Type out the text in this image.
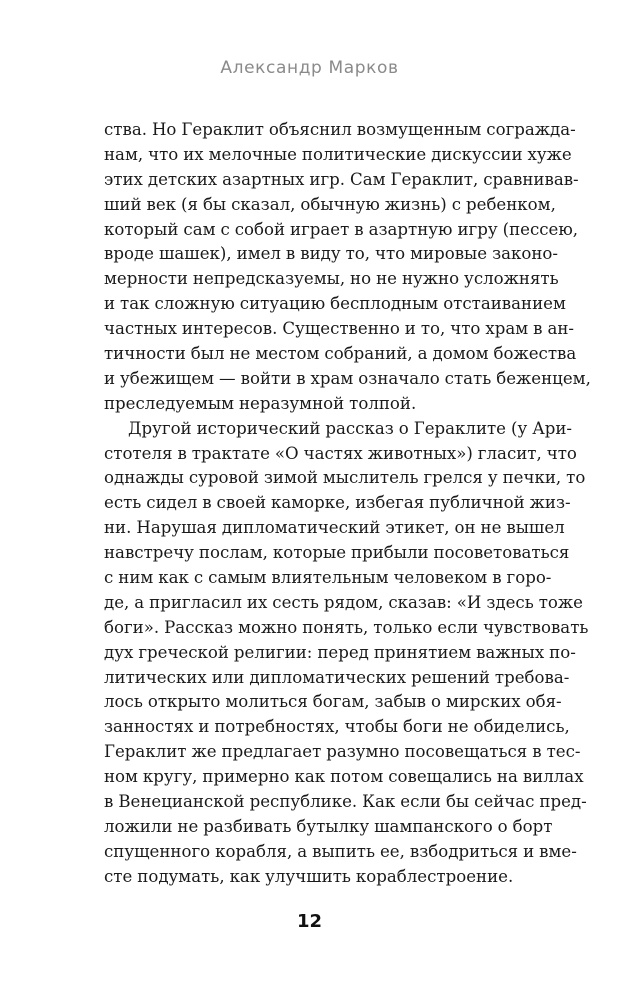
Александр Марков
ства. Но Гераклит объяснил возмущенным согражда-
нам, что их мелочные политические дискуссии хуже
этих детских азартных игр. Сам Гераклит, сравнивав-
ший век (я бы сказал, обычную жизнь) с ребенком,
который сам с собой играет в азартную игру (пессею,
вроде шашек), имел в виду то, что мировые законо-
мерности непредсказуемы, но не нужно усложнять
и так сложную ситуацию бесплодным отстаиванием
частных интересов. Существенно и то, что храм в ан-
тичности был не местом собраний, а домом божества
и убежищем — войти в храм означало стать беженцем,
преследуемым неразумной толпой.
Другой исторический рассказ о Гераклите (у Ари-
стотеля в трактате «О частях животных») гласит, что
однажды суровой зимой мыслитель грелся у печки, то
есть сидел в своей каморке, избегая публичной жиз-
ни. Нарушая дипломатический этикет, он не вышел
навстречу послам, которые прибыли посоветоваться
с ним как с самым влиятельным человеком в горо-
де, а пригласил их сесть рядом, сказав: «И здесь тоже
боги». Рассказ можно понять, только если чувствовать
дух греческой религии: перед принятием важных по-
литических или дипломатических решений требова-
лось открыто молиться богам, забыв о мирских обя-
занностях и потребностях, чтобы боги не обиделись,
Гераклит же предлагает разумно посовещаться в тес-
ном кругу, примерно как потом совещались на виллах
в Венецианской республике. Как если бы сейчас пред-
ложили не разбивать бутылку шампанского о борт
спущенного корабля, а выпить ее, взбодриться и вме-
сте подумать, как улучшить кораблестроение.
12
